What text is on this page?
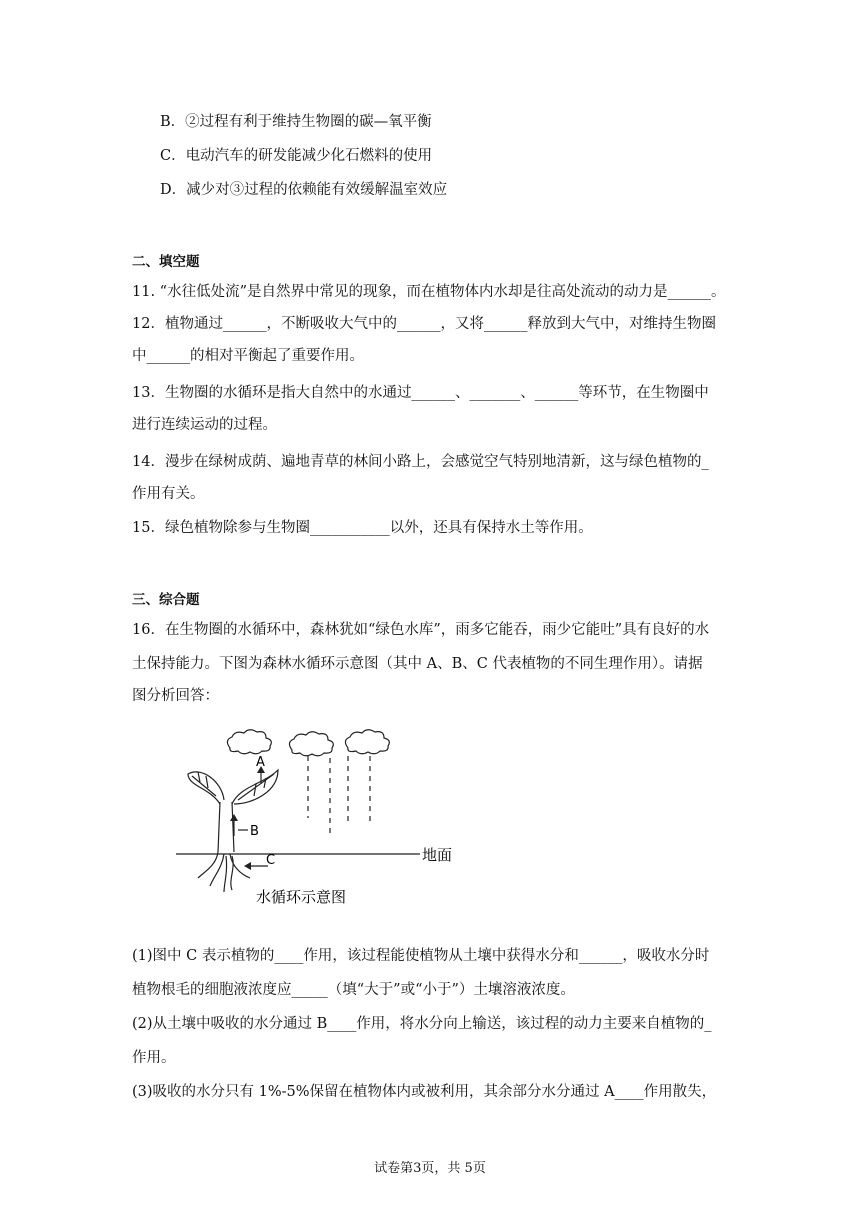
B．②过程有利于维持生物圈的碳—氧平衡
C．电动汽车的研发能减少化石燃料的使用
D．减少对③过程的依赖能有效缓解温室效应
二、填空题
11. “水往低处流”是自然界中常见的现象，而在植物体内水却是往高处流动的动力是______。
12．植物通过______，不断吸收大气中的______，又将______释放到大气中，对维持生物圈
中______的相对平衡起了重要作用。
13．生物圈的水循环是指大自然中的水通过______、_______、______等环节，在生物圈中
进行连续运动的过程。
14．漫步在绿树成荫、遍地青草的林间小路上，会感觉空气特别地清新，这与绿色植物的_
作用有关。
15．绿色植物除参与生物圈___________以外，还具有保持水土等作用。
三、综合题
16．在生物圈的水循环中，森林犹如“绿色水库”，雨多它能吞，雨少它能吐”具有良好的水
土保持能力。下图为森林水循环示意图（其中 A、B、C 代表植物的不同生理作用）。请据
图分析回答：
A
B
C	地面
水循环示意图
(1)图中 C 表示植物的____作用，该过程能使植物从土壤中获得水分和______，吸收水分时
植物根毛的细胞液浓度应_____（填“大于”或“小于”）土壤溶液浓度。
(2)从土壤中吸收的水分通过 B____作用，将水分向上输送，该过程的动力主要来自植物的_
作用。
(3)吸收的水分只有 1%-5%保留在植物体内或被利用，其余部分水分通过 A____作用散失，
试卷第3页，共 5页
